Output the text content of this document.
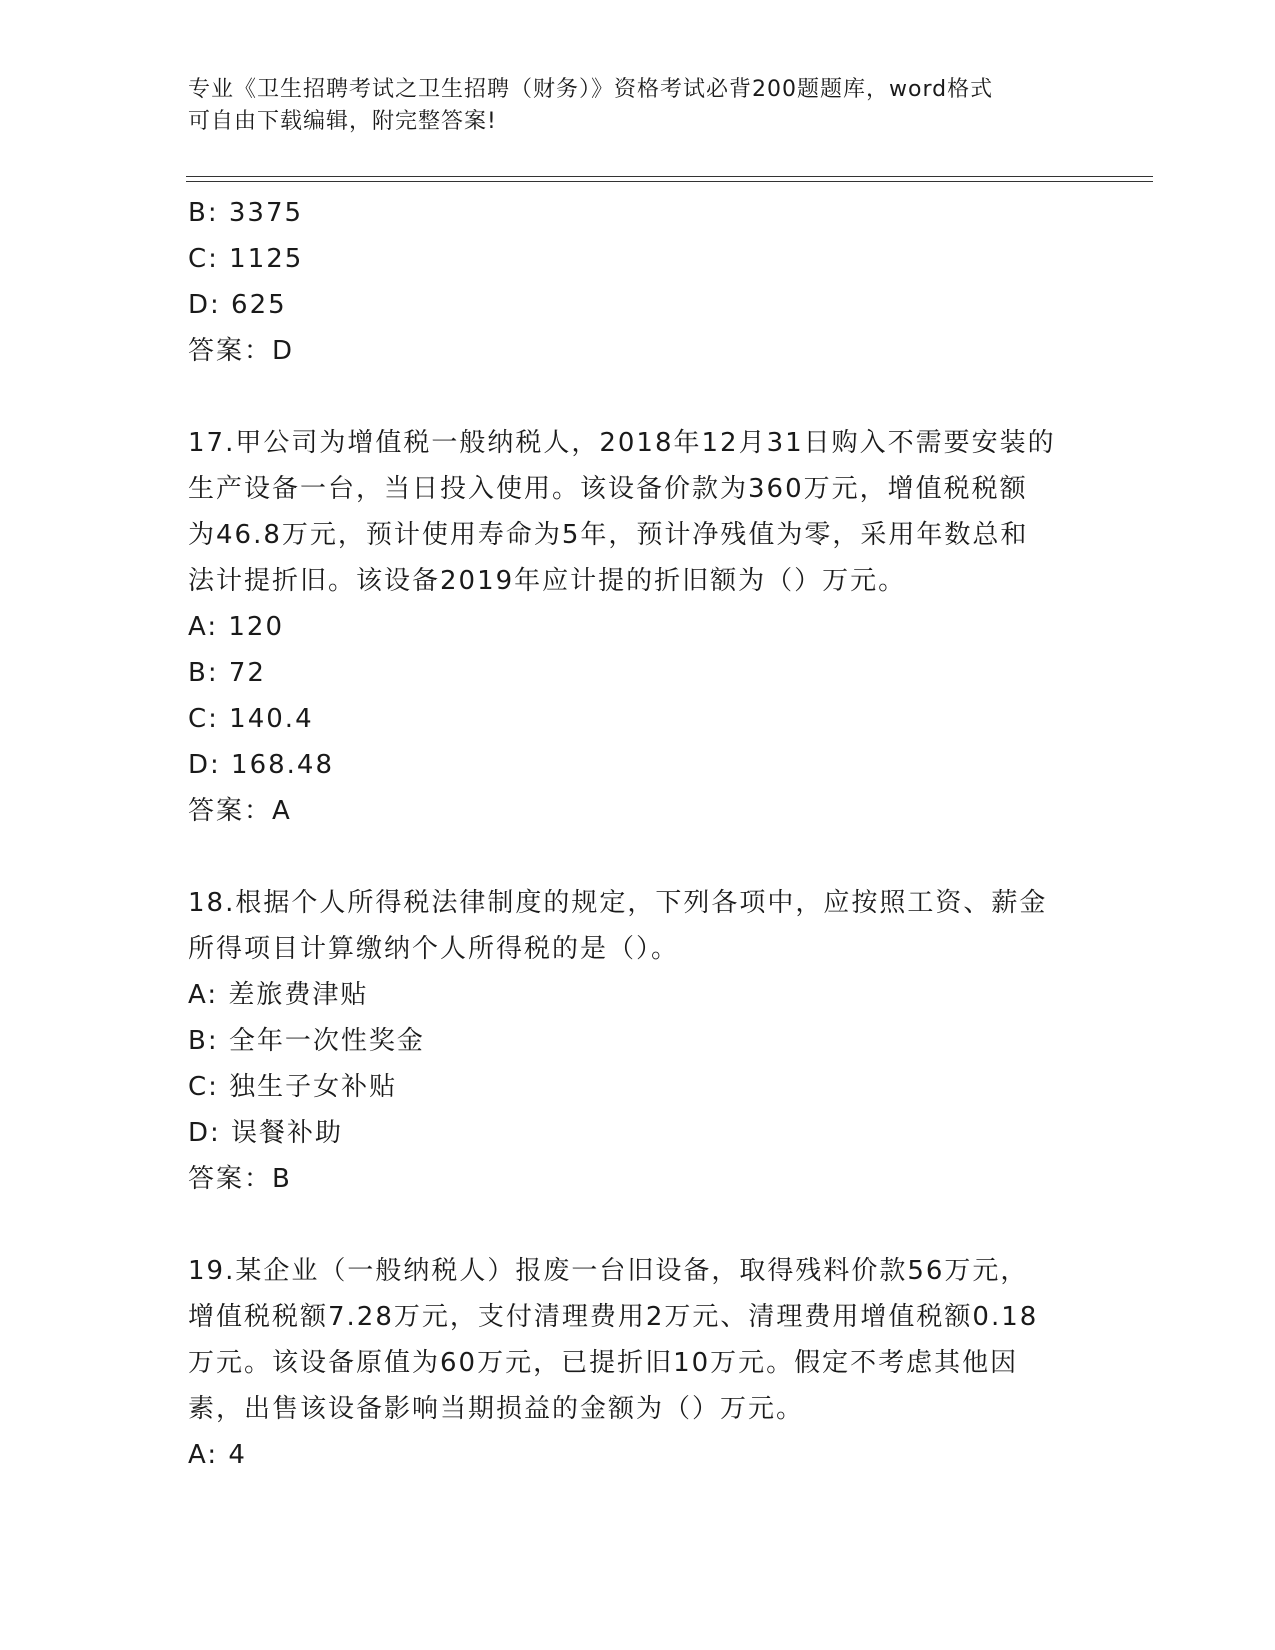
专业《卫生招聘考试之卫生招聘（财务）》资格考试必背200题题库，word格式
可自由下载编辑，附完整答案!
B: 3375
C: 1125
D: 625
答案：D
17.甲公司为增值税一般纳税人，2018年12月31日购入不需要安装的
生产设备一台，当日投入使用。该设备价款为360万元，增值税税额
为46.8万元，预计使用寿命为5年，预计净残值为零，采用年数总和
法计提折旧。该设备2019年应计提的折旧额为（）万元。
A: 120
B: 72
C: 140.4
D: 168.48
答案：A
18.根据个人所得税法律制度的规定，下列各项中，应按照工资、薪金
所得项目计算缴纳个人所得税的是（）。
A: 差旅费津贴
B: 全年一次性奖金
C: 独生子女补贴
D: 误餐补助
答案：B
19.某企业（一般纳税人）报废一台旧设备，取得残料价款56万元，
增值税税额7.28万元，支付清理费用2万元、清理费用增值税额0.18
万元。该设备原值为60万元，已提折旧10万元。假定不考虑其他因
素，出售该设备影响当期损益的金额为（）万元。
A: 4
